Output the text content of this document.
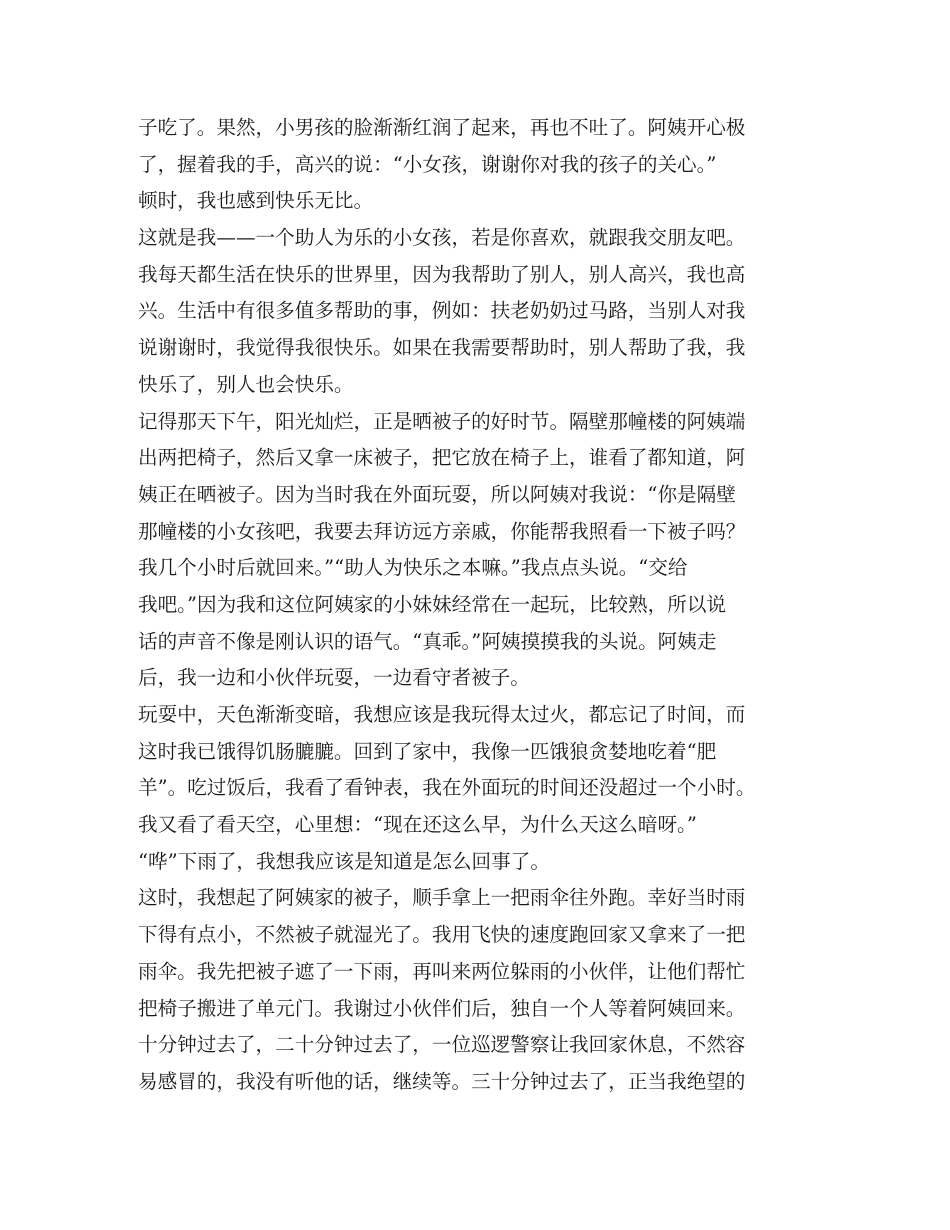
子吃了。果然，小男孩的脸渐渐红润了起来，再也不吐了。阿姨开心极
了，握着我的手，高兴的说：“小女孩，谢谢你对我的孩子的关心。”
顿时，我也感到快乐无比。
这就是我——一个助人为乐的小女孩，若是你喜欢，就跟我交朋友吧。
我每天都生活在快乐的世界里，因为我帮助了别人，别人高兴，我也高
兴。生活中有很多值多帮助的事，例如：扶老奶奶过马路，当别人对我
说谢谢时，我觉得我很快乐。如果在我需要帮助时，别人帮助了我，我
快乐了，别人也会快乐。
记得那天下午，阳光灿烂，正是晒被子的好时节。隔壁那幢楼的阿姨端
出两把椅子，然后又拿一床被子，把它放在椅子上，谁看了都知道，阿
姨正在晒被子。因为当时我在外面玩耍，所以阿姨对我说：“你是隔壁
那幢楼的小女孩吧，我要去拜访远方亲戚，你能帮我照看一下被子吗？
我几个小时后就回来。”“助人为快乐之本嘛。”我点点头说。“交给
我吧。”因为我和这位阿姨家的小妹妹经常在一起玩，比较熟，所以说
话的声音不像是刚认识的语气。“真乖。”阿姨摸摸我的头说。阿姨走
后，我一边和小伙伴玩耍，一边看守者被子。
玩耍中，天色渐渐变暗，我想应该是我玩得太过火，都忘记了时间，而
这时我已饿得饥肠膔膔。回到了家中，我像一匹饿狼贪婪地吃着“肥
羊”。吃过饭后，我看了看钟表，我在外面玩的时间还没超过一个小时。
我又看了看天空，心里想：“现在还这么早，为什么天这么暗呀。”
“哗”下雨了，我想我应该是知道是怎么回事了。
这时，我想起了阿姨家的被子，顺手拿上一把雨伞往外跑。幸好当时雨
下得有点小，不然被子就湿光了。我用飞快的速度跑回家又拿来了一把
雨伞。我先把被子遮了一下雨，再叫来两位躲雨的小伙伴，让他们帮忙
把椅子搬进了单元门。我谢过小伙伴们后，独自一个人等着阿姨回来。
十分钟过去了，二十分钟过去了，一位巡逻警察让我回家休息，不然容
易感冒的，我没有听他的话，继续等。三十分钟过去了，正当我绝望的
